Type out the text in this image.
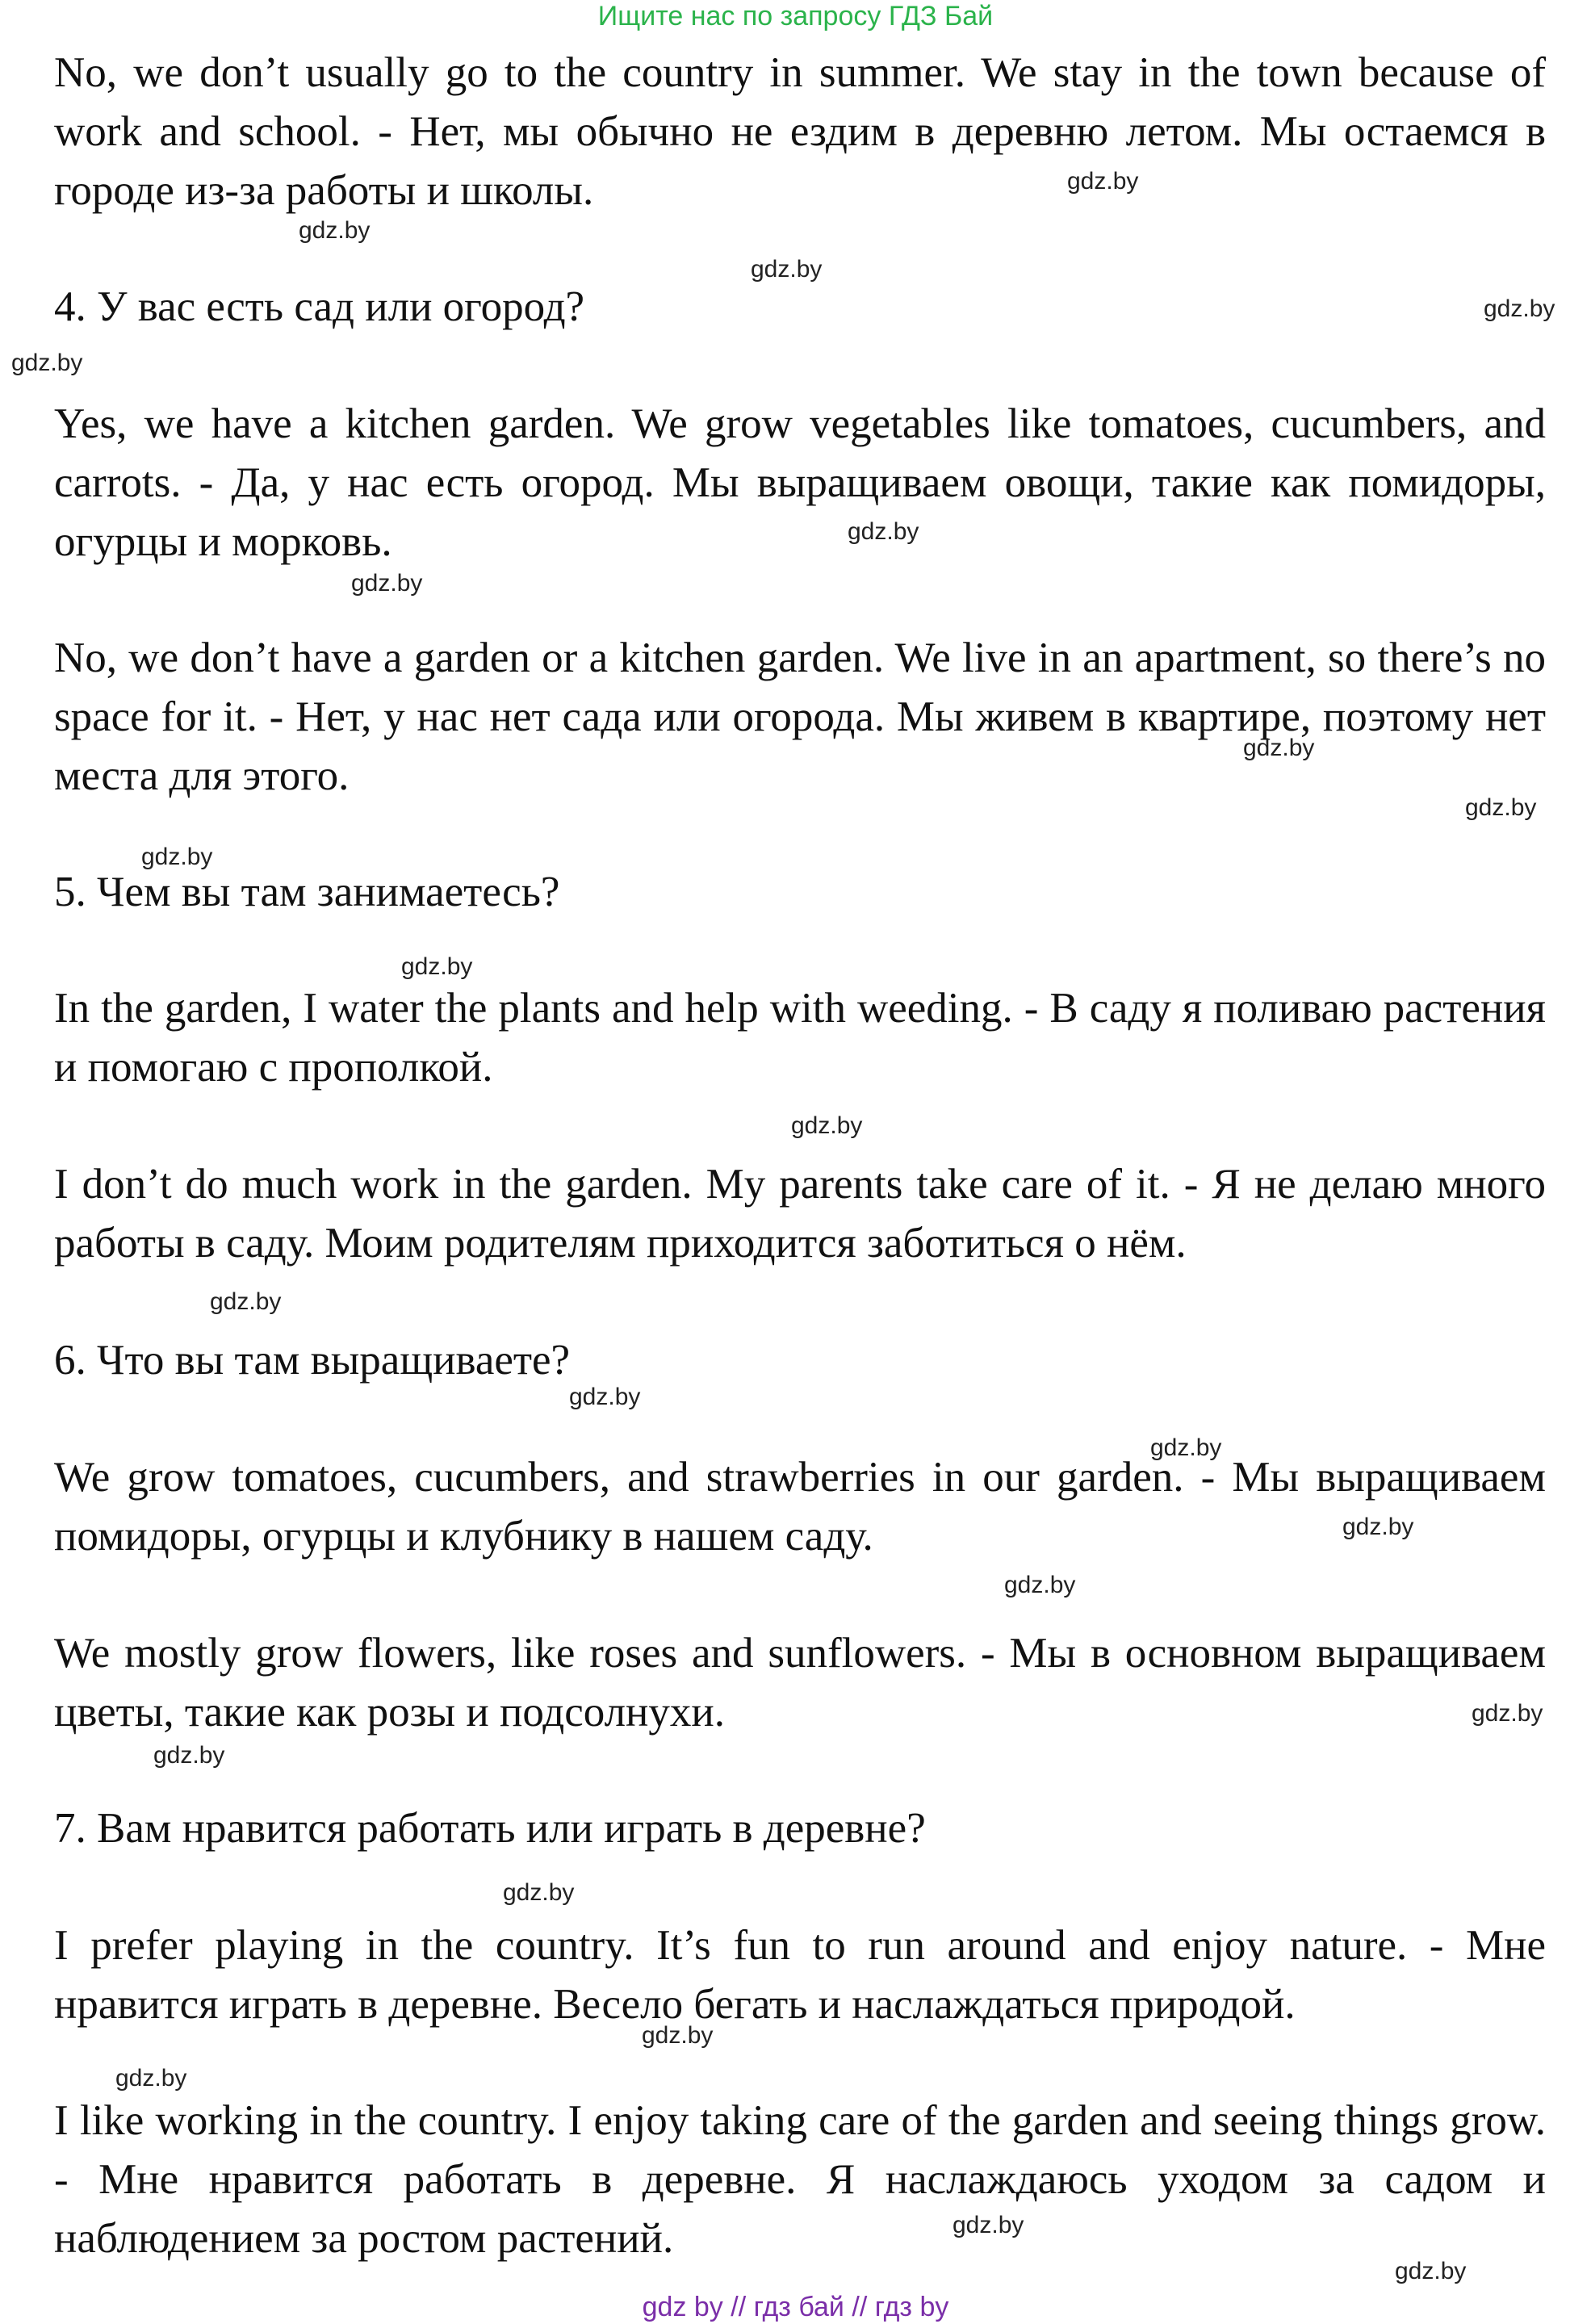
Ищите нас по запросу ГДЗ Бай

No, we don’t usually go to the country in summer. We stay in the town because of work and school. - Нет, мы обычно не ездим в деревню летом. Мы остаемся в городе из-за работы и школы.

4. У вас есть сад или огород?

Yes, we have a kitchen garden. We grow vegetables like tomatoes, cucumbers, and carrots. - Да, у нас есть огород. Мы выращиваем овощи, такие как помидоры, огурцы и морковь.

No, we don’t have a garden or a kitchen garden. We live in an apartment, so there’s no space for it. - Нет, у нас нет сада или огорода. Мы живем в квартире, поэтому нет места для этого.

5. Чем вы там занимаетесь?

In the garden, I water the plants and help with weeding. - В саду я поливаю растения и помогаю с прополкой.

I don’t do much work in the garden. My parents take care of it. - Я не делаю много работы в саду. Моим родителям приходится заботиться о нём.

6. Что вы там выращиваете?

We grow tomatoes, cucumbers, and strawberries in our garden. - Мы выращиваем помидоры, огурцы и клубнику в нашем саду.

We mostly grow flowers, like roses and sunflowers. - Мы в основном выращиваем цветы, такие как розы и подсолнухи.

7. Вам нравится работать или играть в деревне?

I prefer playing in the country. It’s fun to run around and enjoy nature. - Мне нравится играть в деревне. Весело бегать и наслаждаться природой.

I like working in the country. I enjoy taking care of the garden and seeing things grow. - Мне нравится работать в деревне. Я наслаждаюсь уходом за садом и наблюдением за ростом растений.

gdz.by
gdz.by
gdz.by
gdz.by
gdz.by
gdz.by
gdz.by
gdz.by
gdz.by
gdz.by
gdz.by
gdz.by
gdz.by
gdz.by
gdz.by
gdz.by
gdz.by
gdz.by
gdz.by
gdz.by
gdz.by
gdz.by
gdz.by
gdz.by
gdz by // гдз бай // гдз by
